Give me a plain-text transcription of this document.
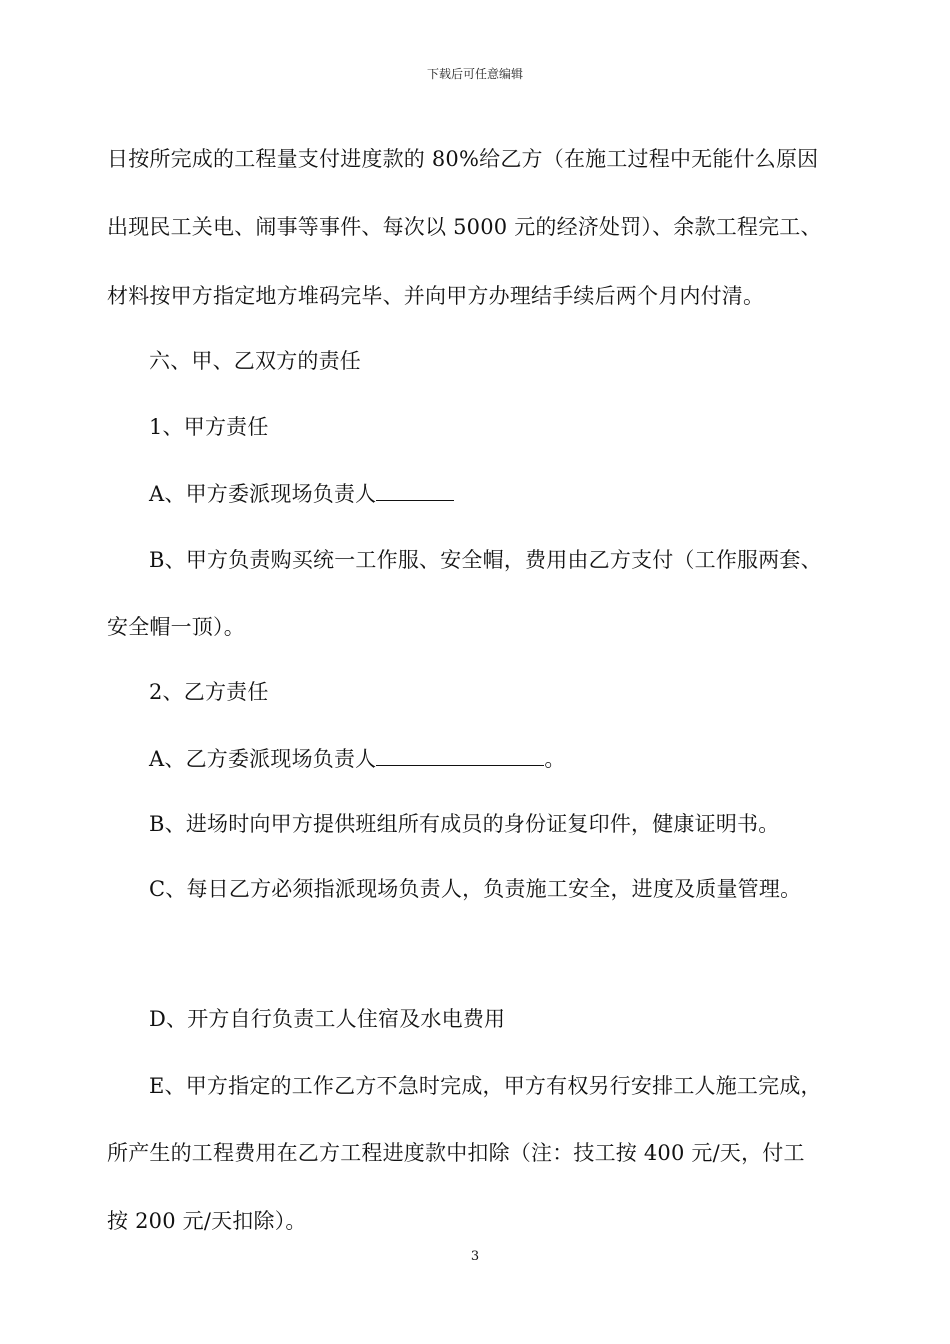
下载后可任意编辑
日按所完成的工程量支付进度款的 80%给乙方（在施工过程中无能什么原因
出现民工关电、闹事等事件、每次以 5000 元的经济处罚）、余款工程完工、
材料按甲方指定地方堆码完毕、并向甲方办理结手续后两个月内付清。
六、甲、乙双方的责任
1、甲方责任
A、甲方委派现场负责人
B、甲方负责购买统一工作服、安全帽，费用由乙方支付（工作服两套、
安全帽一顶）。
2、乙方责任
A、乙方委派现场负责人	。
B、进场时向甲方提供班组所有成员的身份证复印件，健康证明书。
C、每日乙方必须指派现场负责人，负责施工安全，进度及质量管理。
D、开方自行负责工人住宿及水电费用
E、甲方指定的工作乙方不急时完成，甲方有权另行安排工人施工完成，
所产生的工程费用在乙方工程进度款中扣除（注：技工按 400 元/天，付工
按 200 元/天扣除）。
3
